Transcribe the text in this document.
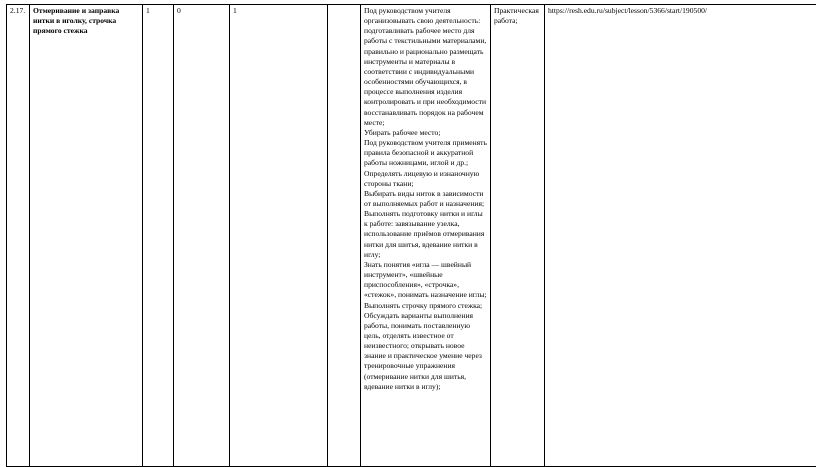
2.17.	Отмеривание и заправка нитки в иголку, строчка прямого стежка	1	0	1		Под руководством учителя организовывать свою деятельность: подготавливать рабочее место для работы с текстильными материалами, правильно и рационально размещать инструменты и материалы в соответствии с индивидуальными особенностями обучающихся, в процессе выполнения изделия контролировать и при необходимости восстанавливать порядок на рабочем месте;
Убирать рабочее место;
Под руководством учителя применять правила безопасной и аккуратной работы ножницами, иглой и др.;
Определять лицевую и изнаночную стороны ткани;
Выбирать виды ниток в зависимости от выполняемых работ и назначения;
Выполнять подготовку нитки и иглы к работе: завязывание узелка, использование приёмов отмеривания нитки для шитья, вдевание нитки в иглу;
Знать понятия «игла — швейный инструмент», «швейные приспособления», «строчка», «стежок», понимать назначение иглы;
Выполнять строчку прямого стежка;
Обсуждать варианты выполнения работы, понимать поставленную цель, отделять известное от неизвестного; открывать новое знание и практическое умение через тренировочные упражнения (отмеривание нитки для шитья, вдевание нитки в иглу);
	Практическая работа;	https://resh.edu.ru/subject/lesson/5366/start/190500/
